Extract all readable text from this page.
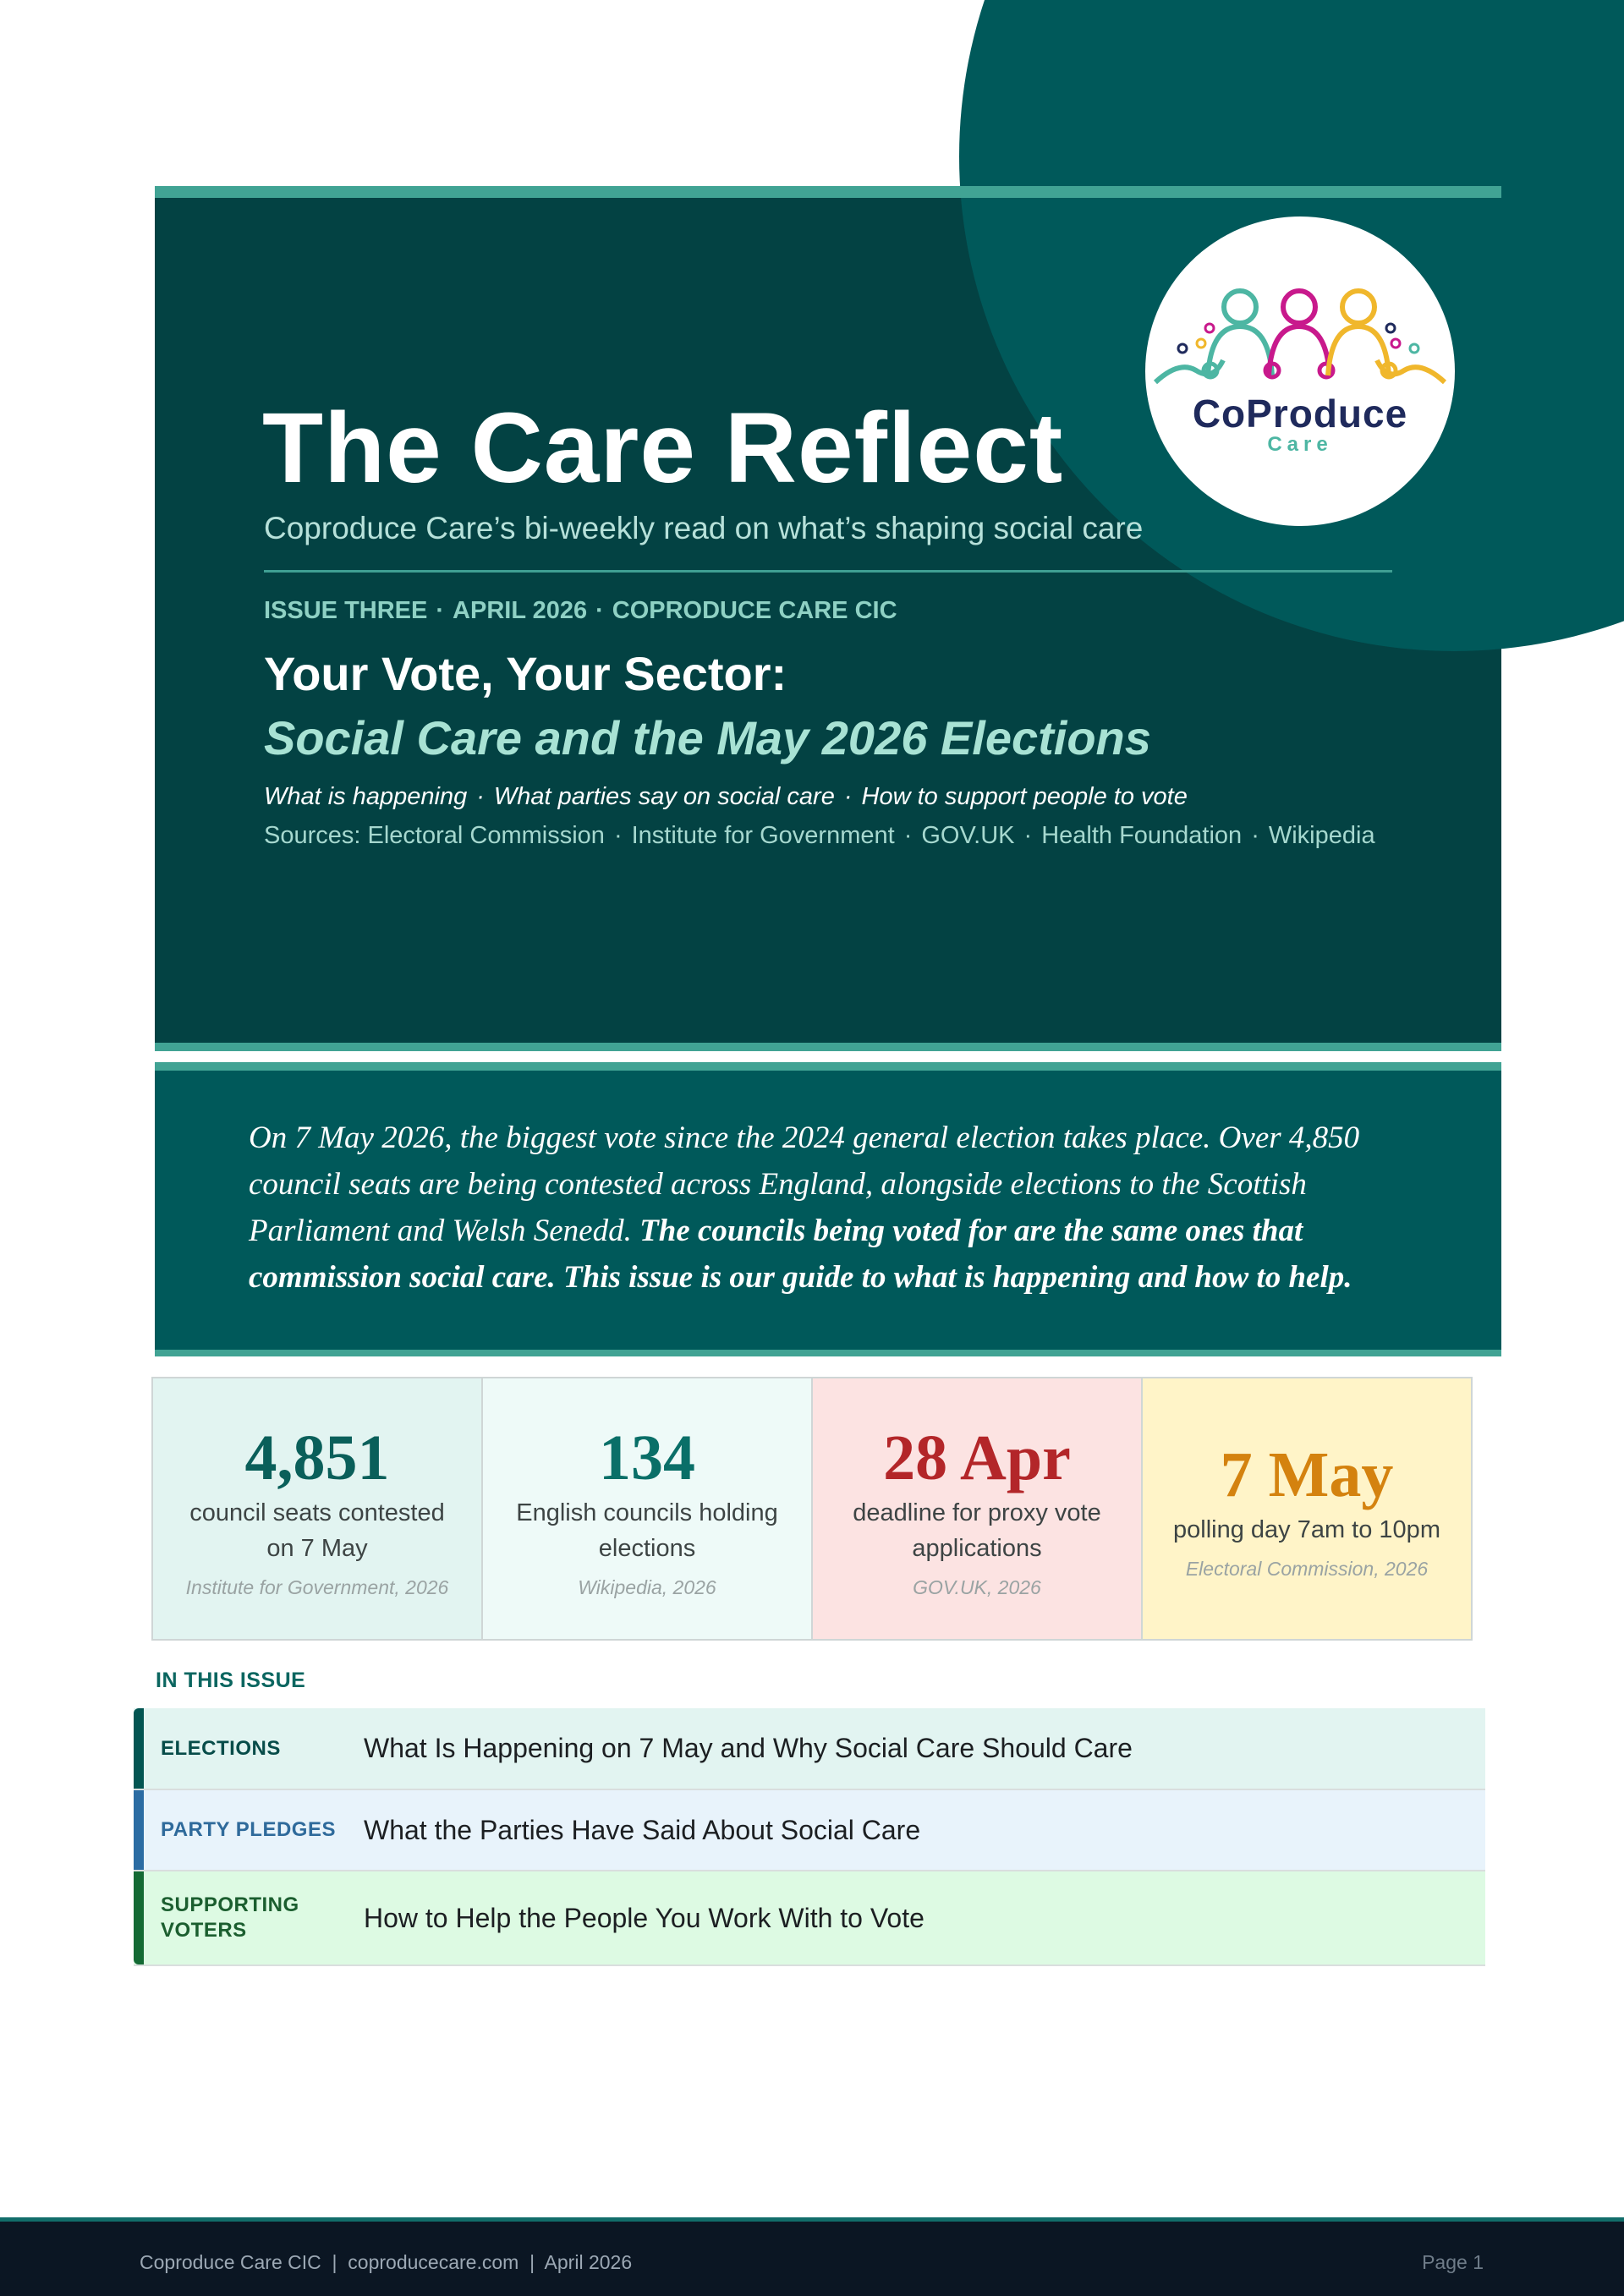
CoProduce
Care
The Care Reflect
Coproduce Care’s bi-weekly read on what’s shaping social care
ISSUE THREE · APRIL 2026 · COPRODUCE CARE CIC
Your Vote, Your Sector:
Social Care and the May 2026 Elections
What is happening · What parties say on social care · How to support people to vote
Sources: Electoral Commission · Institute for Government · GOV.UK · Health Foundation · Wikipedia

On 7 May 2026, the biggest vote since the 2024 general election takes place. Over 4,850 council seats are being contested across England, alongside elections to the Scottish Parliament and Welsh Senedd. The councils being voted for are the same ones that commission social care. This issue is our guide to what is happening and how to help.

4,851
council seats contested
on 7 May
Institute for Government, 2026
134
English councils holding
elections
Wikipedia, 2026
28 Apr
deadline for proxy vote
applications
GOV.UK, 2026
7 May
polling day 7am to 10pm
Electoral Commission, 2026
IN THIS ISSUE
ELECTIONS	What Is Happening on 7 May and Why Social Care Should Care
PARTY PLEDGES	What the Parties Have Said About Social Care
SUPPORTING VOTERS	How to Help the People You Work With to Vote
Coproduce Care CIC  |  coproducecare.com  |  April 2026	Page 1
